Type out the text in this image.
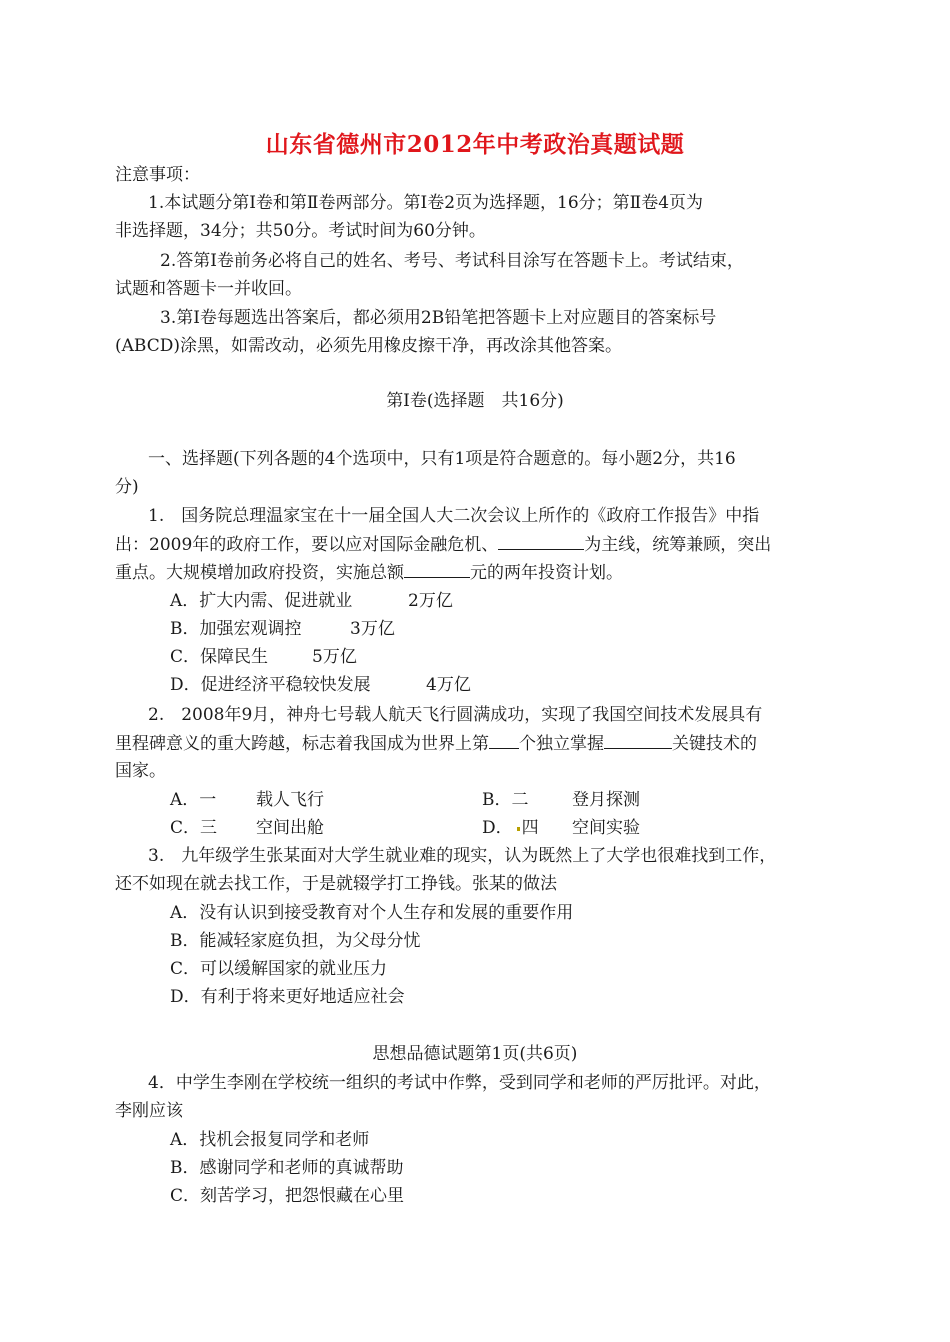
山东省德州市2012年中考政治真题试题
注意事项：
1.本试题分第Ⅰ卷和第Ⅱ卷两部分。第Ⅰ卷2页为选择题，16分；第Ⅱ卷4页为
非选择题，34分；共50分。考试时间为60分钟。
2.答第Ⅰ卷前务必将自己的姓名、考号、考试科目涂写在答题卡上。考试结束，
试题和答题卡一并收回。
3.第Ⅰ卷每题选出答案后，都必须用2B铅笔把答题卡上对应题目的答案标号
(ABCD)涂黑，如需改动，必须先用橡皮擦干净，再改涂其他答案。
第Ⅰ卷(选择题　共16分)
一、选择题(下列各题的4个选项中，只有1项是符合题意的。每小题2分，共16
分)
1.　国务院总理温家宝在十一届全国人大二次会议上所作的《政府工作报告》中指
出：2009年的政府工作，要以应对国际金融危机、	为主线，统筹兼顾，突出
重点。大规模增加政府投资，实施总额	元的两年投资计划。
A．扩大内需、促进就业	2万亿
B．加强宏观调控	3万亿
C．保障民生	5万亿
D．促进经济平稳较快发展	4万亿
2.　2008年9月，神舟七号载人航天飞行圆满成功，实现了我国空间技术发展具有
里程碑意义的重大跨越，标志着我国成为世界上第 个独立掌握	关键技术的
国家。
A．一 载人飞行	B．二	登月探测
C．三 空间出舱	D． 四 空间实验
3.　九年级学生张某面对大学生就业难的现实，认为既然上了大学也很难找到工作，
还不如现在就去找工作，于是就辍学打工挣钱。张某的做法
A．没有认识到接受教育对个人生存和发展的重要作用
B．能减轻家庭负担，为父母分忧
C．可以缓解国家的就业压力
D．有利于将来更好地适应社会
思想品德试题第1页(共6页)
4．中学生李刚在学校统一组织的考试中作弊，受到同学和老师的严厉批评。对此，
李刚应该
A．找机会报复同学和老师
B．感谢同学和老师的真诚帮助
C．刻苦学习，把怨恨藏在心里
